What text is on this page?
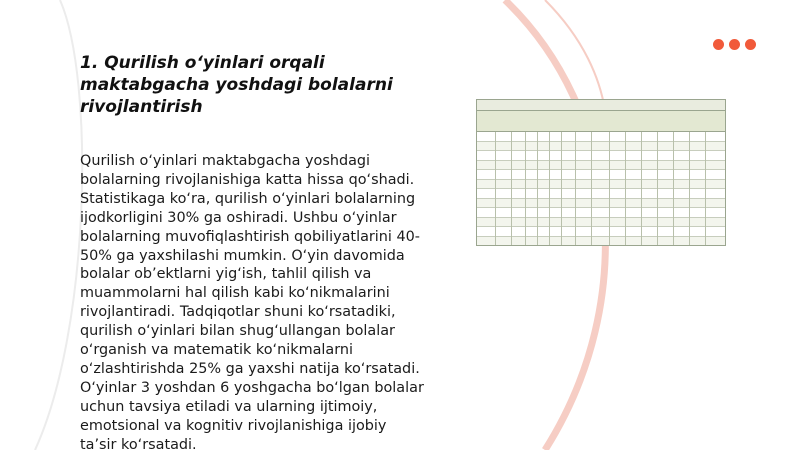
1. Qurilish o‘yinlari orqali maktabgacha yoshdagi bolalarni rivojlantirish

Qurilish o‘yinlari maktabgacha yoshdagi bolalarning rivojlanishiga katta hissa qo‘shadi. Statistikaga ko‘ra, qurilish o‘yinlari bolalarning ijodkorligini 30% ga oshiradi. Ushbu o‘yinlar bolalarning muvofiqlashtirish qobiliyatlarini 40-50% ga yaxshilashi mumkin. O‘yin davomida bolalar ob’ektlarni yig‘ish, tahlil qilish va muammolarni hal qilish kabi ko‘nikmalarini rivojlantiradi. Tadqiqotlar shuni ko‘rsatadiki, qurilish o‘yinlari bilan shug‘ullangan bolalar o‘rganish va matematik ko‘nikmalarni o‘zlashtirishda 25% ga yaxshi natija ko‘rsatadi. O‘yinlar 3 yoshdan 6 yoshgacha bo‘lgan bolalar uchun tavsiya etiladi va ularning ijtimoiy, emotsional va kognitiv rivojlanishiga ijobiy ta’sir ko‘rsatadi.
